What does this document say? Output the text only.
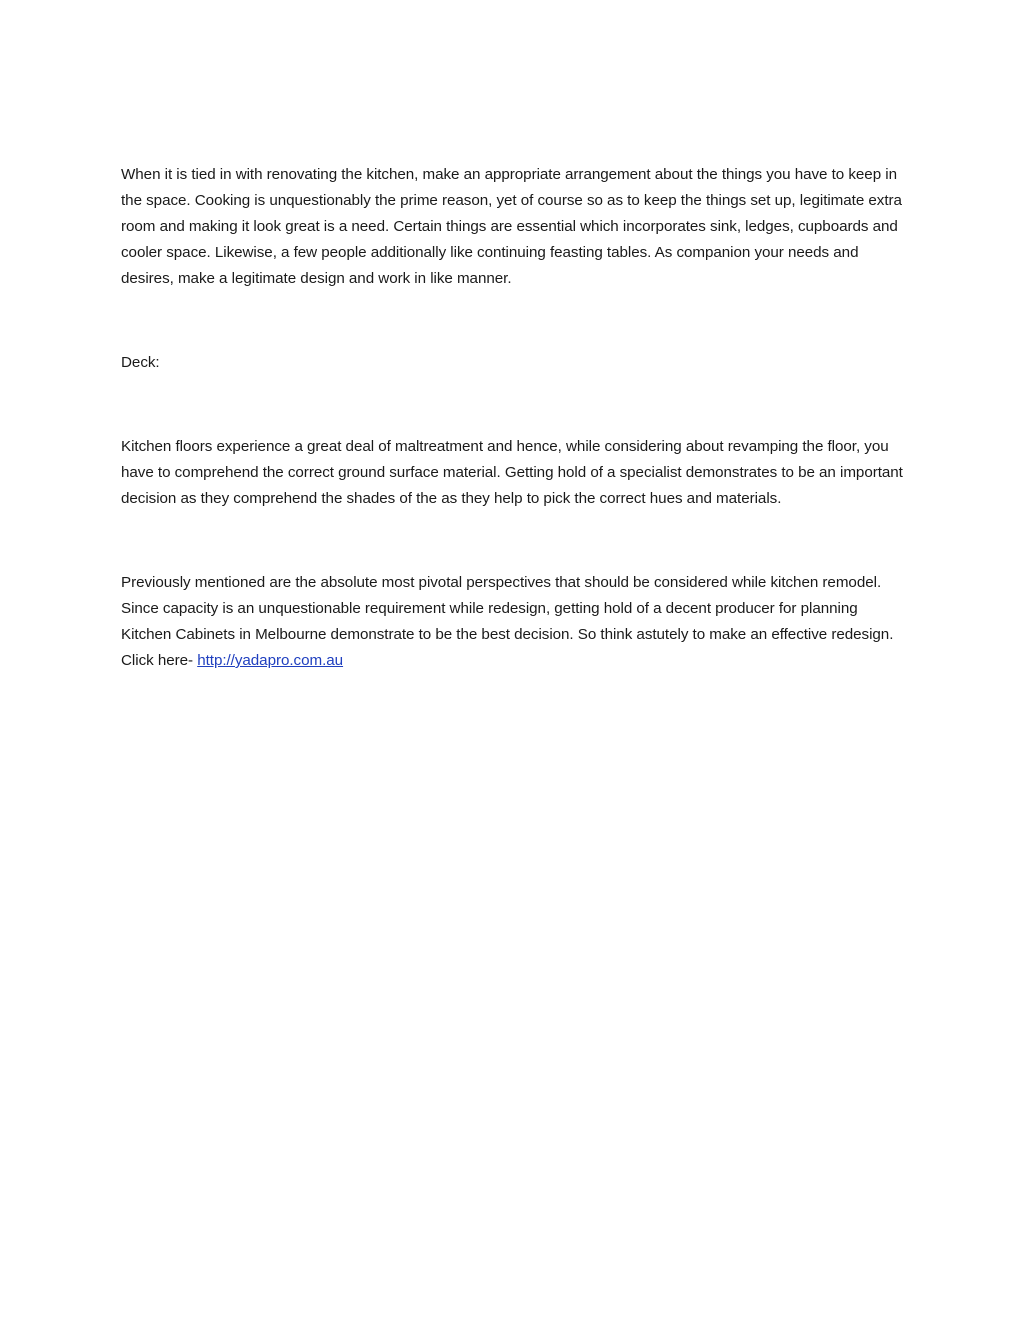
When it is tied in with renovating the kitchen, make an appropriate arrangement about the things you have to keep in the space. Cooking is unquestionably the prime reason, yet of course so as to keep the things set up, legitimate extra room and making it look great is a need. Certain things are essential which incorporates sink, ledges, cupboards and cooler space. Likewise, a few people additionally like continuing feasting tables. As companion your needs and desires, make a legitimate design and work in like manner.

Deck:

Kitchen floors experience a great deal of maltreatment and hence, while considering about revamping the floor, you have to comprehend the correct ground surface material. Getting hold of a specialist demonstrates to be an important decision as they comprehend the shades of the as they help to pick the correct hues and materials.

Previously mentioned are the absolute most pivotal perspectives that should be considered while kitchen remodel. Since capacity is an unquestionable requirement while redesign, getting hold of a decent producer for planning Kitchen Cabinets in Melbourne demonstrate to be the best decision. So think astutely to make an effective redesign. Click here- http://yadapro.com.au
